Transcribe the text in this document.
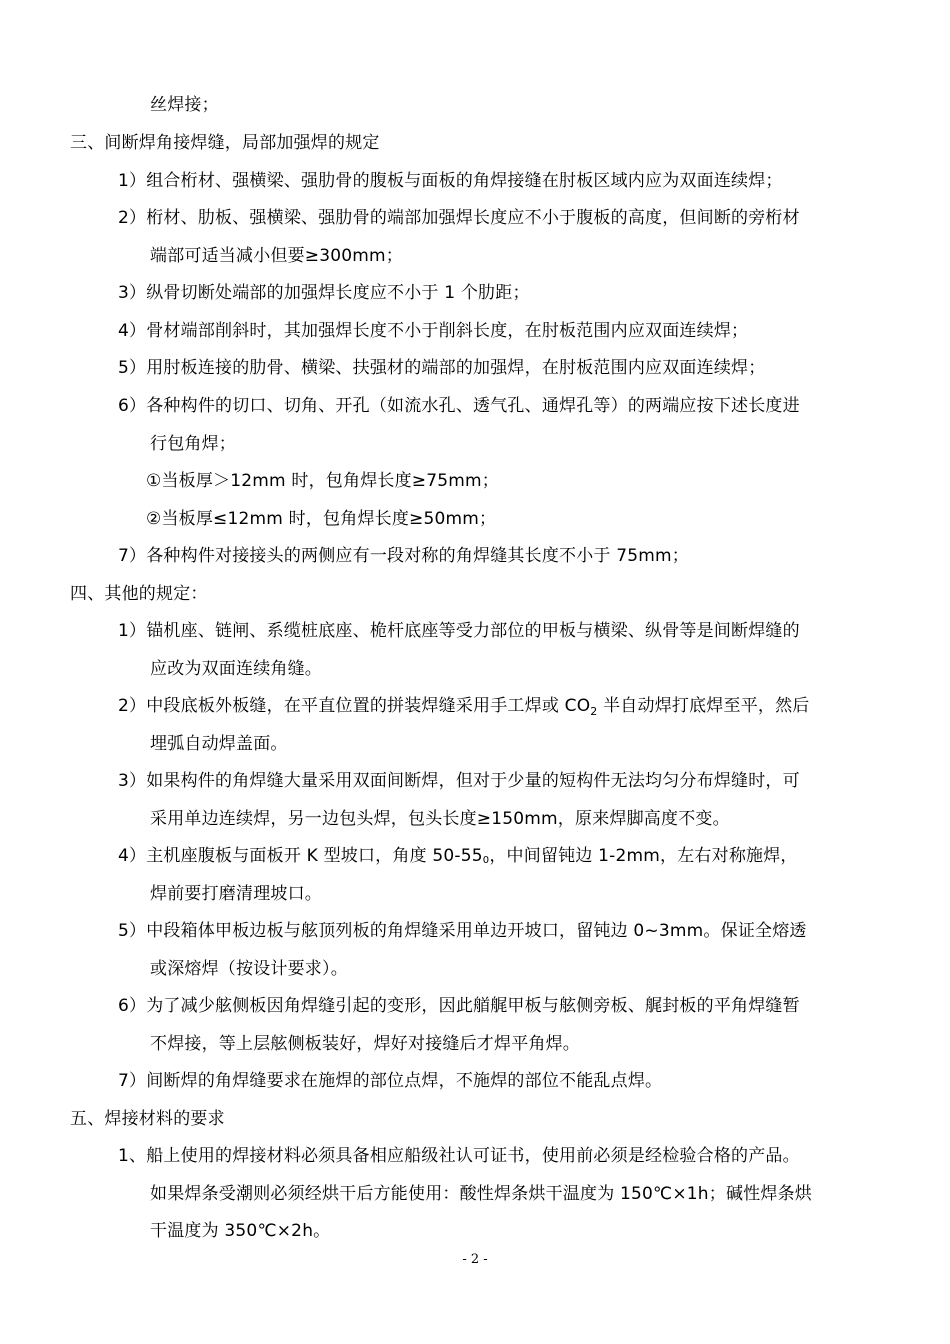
丝焊接；
三、间断焊角接焊缝，局部加强焊的规定
1）组合桁材、强横梁、强肋骨的腹板与面板的角焊接缝在肘板区域内应为双面连续焊；
2）桁材、肋板、强横梁、强肋骨的端部加强焊长度应不小于腹板的高度，但间断的旁桁材
端部可适当减小但要≥300mm；
3）纵骨切断处端部的加强焊长度应不小于 1 个肋距；
4）骨材端部削斜时，其加强焊长度不小于削斜长度，在肘板范围内应双面连续焊；
5）用肘板连接的肋骨、横梁、扶强材的端部的加强焊，在肘板范围内应双面连续焊；
6）各种构件的切口、切角、开孔（如流水孔、透气孔、通焊孔等）的两端应按下述长度进
行包角焊；
①当板厚＞12mm 时，包角焊长度≥75mm；
②当板厚≤12mm 时，包角焊长度≥50mm；
7）各种构件对接接头的两侧应有一段对称的角焊缝其长度不小于 75mm；
四、其他的规定：
1）锚机座、链闸、系缆桩底座、桅杆底座等受力部位的甲板与横梁、纵骨等是间断焊缝的
应改为双面连续角缝。
2）中段底板外板缝，在平直位置的拼装焊缝采用手工焊或 $CO_2$ 半自动焊打底焊至平，然后
埋弧自动焊盖面。
3）如果构件的角焊缝大量采用双面间断焊，但对于少量的短构件无法均匀分布焊缝时，可
采用单边连续焊，另一边包头焊，包头长度≥150mm，原来焊脚高度不变。
4）主机座腹板与面板开 K 型坡口，角度 50-550，中间留钝边 1-2mm，左右对称施焊，
焊前要打磨清理坡口。
5）中段箱体甲板边板与舷顶列板的角焊缝采用单边开坡口，留钝边 0~3mm。保证全熔透
或深熔焊（按设计要求）。
6）为了减少舷侧板因角焊缝引起的变形，因此艏艉甲板与舷侧旁板、艉封板的平角焊缝暂
不焊接，等上层舷侧板装好，焊好对接缝后才焊平角焊。
7）间断焊的角焊缝要求在施焊的部位点焊，不施焊的部位不能乱点焊。
五、焊接材料的要求
1、船上使用的焊接材料必须具备相应船级社认可证书，使用前必须是经检验合格的产品。
如果焊条受潮则必须经烘干后方能使用：酸性焊条烘干温度为 150℃×1h；碱性焊条烘
干温度为 350℃×2h。
- 2 -
